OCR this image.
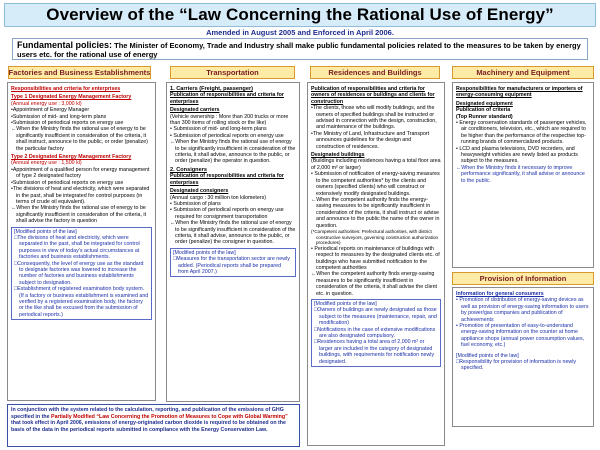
Overview of the “Law Concerning the Rational Use of Energy”
Amended in August 2005 and Enforced in April 2006.
Fundamental policies: The Minister of Economy, Trade and Industry shall make public fundamental policies related to the measures to be taken by energy users etc. for the rational use of energy
Factories and Business Establishments	Transportation	Residences and Buildings	Machinery and Equipment

Responsibilities and criteria for enterprises

Type 1 Designated Energy Management Factory

(Annual energy use : 3,000 kl)

•Appointment of Energy Manager
•Submission of mid- and long-term plans
•Submission of periodical reports on energy use
←When the Ministry finds the rational use of energy to be significantly insufficient in consideration of the criteria, it shall instruct, announce to the public, or order (penalize) the particular factory

Type 2 Designated Energy Management Factory

(Annual energy use : 1,500 kl)

•Appointment of a qualified person for energy management of type 2 designated factory
•Submission of periodical reports on energy use
•The divisions of heat and electricity, which were separated in the past, shall be integrated for control purposes (in terms of crude oil equivalent).
←When the Ministry finds the rational use of energy to be significantly insufficient in consideration of the criteria, it shall advise the factory in question

[Modified points of the law]

□The divisions of heat and electricity, which were separated in the past, shall be integrated for control purposes in view of today’s actual circumstances at factories and business establishments.
□Consequently, the level of energy use as the standard to designate factories was lowered to increase the number of factories and business establishments subject to designation.
□Establishment of registered examination body system. (If a factory or business establishment is examined and verified by a registered examination body, the factory or the like shall be excused from the submission of periodical reports.)

1. Carriers (Freight, passenger)

Publication of responsibilities and criteria for enterprises

Designated carriers

(Vehicle ownership : More than 200 trucks or more than 300 items of rolling stock or the like)

• Submission of mid- and long-term plans
• Submission of periodical reports on energy use
←When the Ministry finds the rational use of energy to be significantly insufficient in consideration of the criteria, it shall advise, announce to the public, or order (penalize) the operator in question.

2. Consigners

Publication of responsibilities and criteria for enterprises

Designated consigners

(Annual cargo : 30 million ton kilometers)

• Submission of plans
• Submission of periodical reports on energy use required for consignment transportation
←When the Ministry finds the rational use of energy to be significantly insufficient in consideration of the criteria, it shall advise, announce to the public, or order (penalize) the consigner in question.

[Modified points of the law]

□Measures for the transportation sector are newly added. (Periodical reports shall be prepared from April 2007.)

Publication of responsibilities and criteria for owners of residences or buildings and clients for construction

•The clients, those who will modify buildings, and the owners of specified buildings shall be instructed or advised in connection with the design, construction, and maintenance of the buildings.
•The Ministry of Land, Infrastructure and Transport announces guidelines for the design and construction of residences.

Designated buildings

(Buildings including residences having a total floor area of 2,000 m² or larger)

• Submission of notification of energy-saving measures to the competent authorities* by the clients and owners (specified clients) who will construct or extensively modify designated buildings.
←When the competent authority finds the energy-saving measures to be significantly insufficient in consideration of the criteria, it shall instruct or advise and announce to the public the name of the owner in question.
(*Competent authorities: Prefectural authorities, with district constructive surveyors, governing construction authorization procedures)
• Periodical reports on maintenance of buildings with respect to measures by the designated clients etc. of buildings who have submitted notification to the competent authorities
←When the competent authority finds energy-saving measures to be significantly insufficient in consideration of the criteria, it shall advise the client etc. in question.

[Modified points of the law]

□Owners of buildings are newly designated as those subject to the measures (maintenance, repair, and modification)
□Notifications in the case of extensive modifications are also designated compulsory.
□Residences having a total area of 2,000 m² or larger are included in the category of designated buildings, with requirements for notification newly designated.

Responsibilities for manufacturers or importers of energy-consuming equipment

Designated equipment

Publication of criteria

(Top Runner standard)

• Energy conservation standards of passenger vehicles, air conditioners, television, etc., which are required to be higher than the performance of the respective top-running brands of commercialized products.
• LCD and plasma televisions, DVD recorders, and heavyweight vehicles are newly listed as products subject to the measures.
←When the Ministry finds it necessary to improve performance significantly, it shall advise or announce to the public.
Provision of Information

Information for general consumers

• Promotion of distribution of energy-saving devices as well as provision of energy-saving information to users by power/gas companies and publication of achievements
• Promotion of presentation of easy-to-understand energy-saving information on the counter at home appliance shops (annual power consumption values, fuel economy, etc.)

[Modified points of the law]

□Responsibility for provision of information is newly specified.
In conjunction with the system related to the calculation, reporting, and publication of the emissions of GHG specified in the Partially Modified “Law Concerning the Promotion of Measures to Cope with Global Warming” that took effect in April 2006, emissions of energy-originated carbon dioxide is required to be obtained on the basis of the data in the periodical reports submitted in compliance with the Energy Conservation Law.
